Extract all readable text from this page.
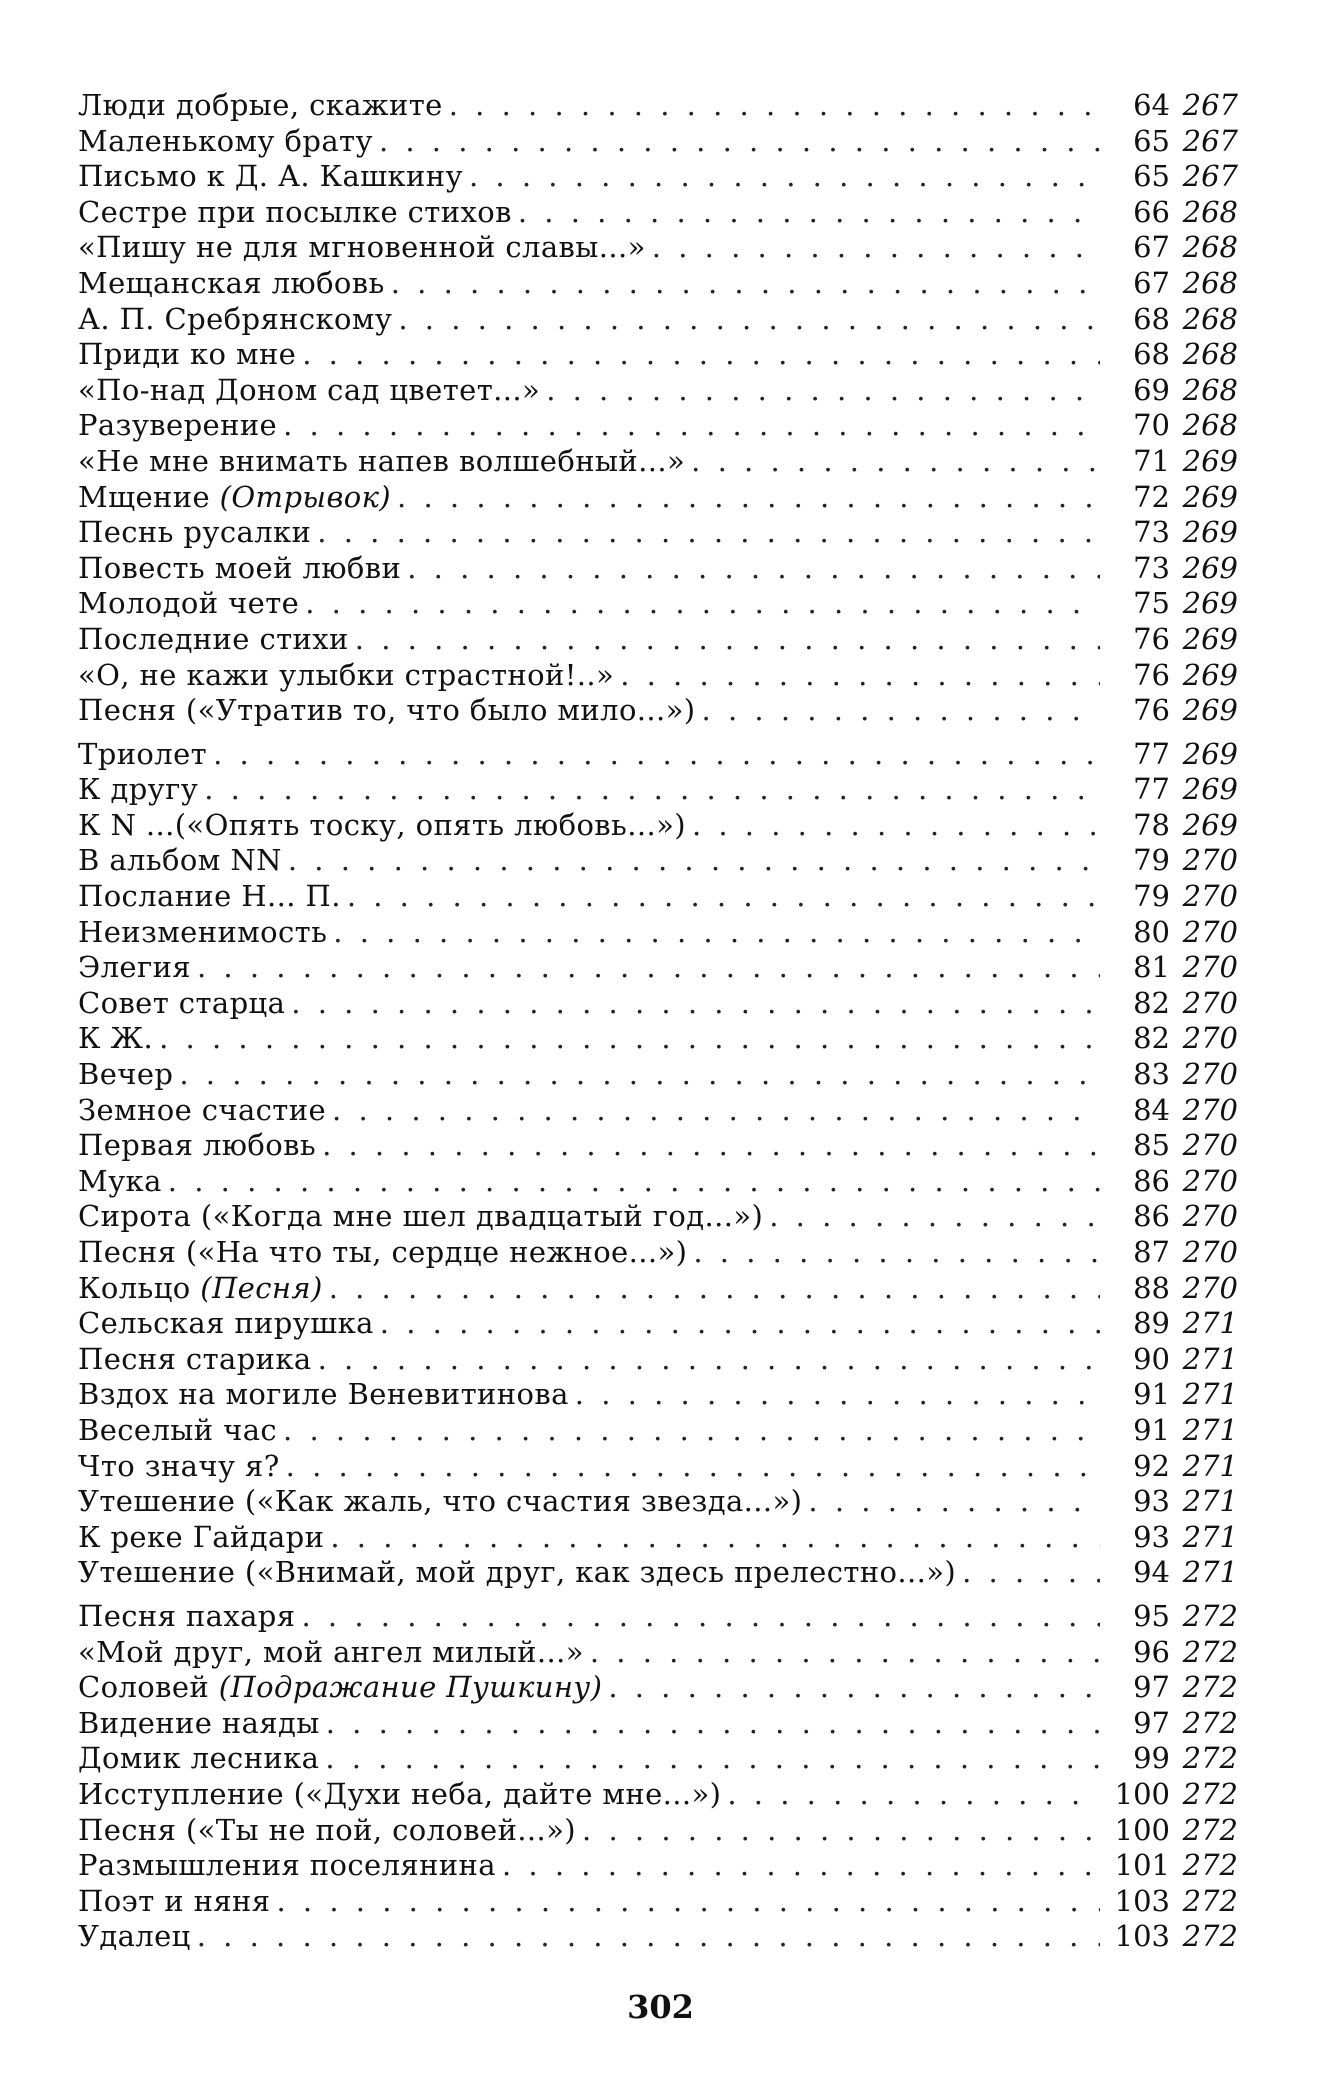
Люди добрые, скажите . . .	64 267
Маленькому брату . . .	65 267
Письмо к Д. А. Кашкину . . .	65 267
Сестре при посылке стихов . . .	66 268
«Пишу не для мгновенной славы...» . . .	67 268
Мещанская любовь . . .	67 268
А. П. Сребрянскому . . .	68 268
Приди ко мне . . .	68 268
«По-над Доном сад цветет...» . . .	69 268
Разуверение . . .	70 268
«Не мне внимать напев волшебный...» . . .	71 269
Мщение (Отрывок) . . .	72 269
Песнь русалки . . .	73 269
Повесть моей любви . . .	73 269
Молодой чете . . .	75 269
Последние стихи . . .	76 269
«О, не кажи улыбки страстной!..» . . .	76 269
Песня («Утратив то, что было мило...») . . .	76 269
Триолет . . .	77 269
К другу . . .	77 269
К N ...(«Опять тоску, опять любовь...») . . .	78 269
В альбом NN . . .	79 270
Послание Н... П. . . .	79 270
Неизменимость . . .	80 270
Элегия . . .	81 270
Совет старца . . .	82 270
К Ж. . . .	82 270
Вечер . . .	83 270
Земное счастие . . .	84 270
Первая любовь . . .	85 270
Мука . . .	86 270
Сирота («Когда мне шел двадцатый год...») . . .	86 270
Песня («На что ты, сердце нежное...») . . .	87 270
Кольцо (Песня) . . .	88 270
Сельская пирушка . . .	89 271
Песня старика . . .	90 271
Вздох на могиле Веневитинова . . .	91 271
Веселый час . . .	91 271
Что значу я? . . .	92 271
Утешение («Как жаль, что счастия звезда...») . . .	93 271
К реке Гайдари . . .	93 271
Утешение («Внимай, мой друг, как здесь прелестно...») . . .	94 271
Песня пахаря . . .	95 272
«Мой друг, мой ангел милый...» . . .	96 272
Соловей (Подражание Пушкину) . . .	97 272
Видение наяды . . .	97 272
Домик лесника . . .	99 272
Исступление («Духи неба, дайте мне...») . . .	100 272
Песня («Ты не пой, соловей...») . . .	100 272
Размышления поселянина . . .	101 272
Поэт и няня . . .	103 272
Удалец . . .	103 272
302
